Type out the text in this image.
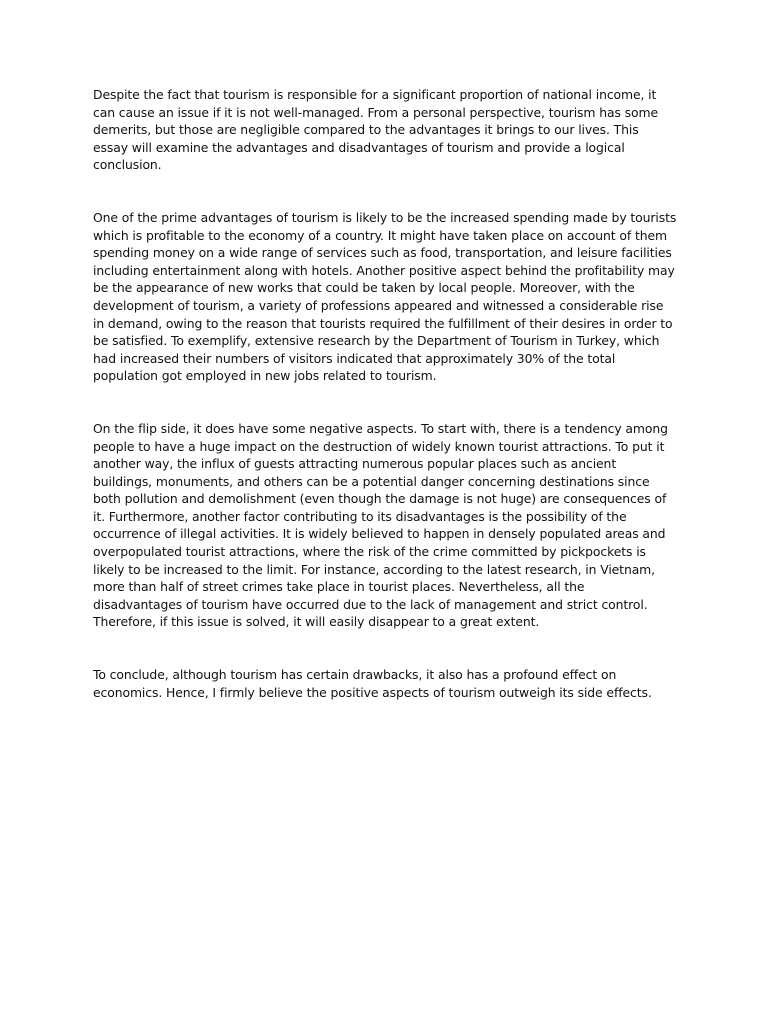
Despite the fact that tourism is responsible for a significant proportion of national income, it can cause an issue if it is not well-managed. From a personal perspective, tourism has some demerits, but those are negligible compared to the advantages it brings to our lives. This essay will examine the advantages and disadvantages of tourism and provide a logical conclusion.

One of the prime advantages of tourism is likely to be the increased spending made by tourists which is profitable to the economy of a country. It might have taken place on account of them spending money on a wide range of services such as food, transportation, and leisure facilities including entertainment along with hotels. Another positive aspect behind the profitability may be the appearance of new works that could be taken by local people. Moreover, with the development of tourism, a variety of professions appeared and witnessed a considerable rise in demand, owing to the reason that tourists required the fulfillment of their desires in order to be satisfied. To exemplify, extensive research by the Department of Tourism in Turkey, which had increased their numbers of visitors indicated that approximately 30% of the total population got employed in new jobs related to tourism.

On the flip side, it does have some negative aspects. To start with, there is a tendency among people to have a huge impact on the destruction of widely known tourist attractions. To put it another way, the influx of guests attracting numerous popular places such as ancient buildings, monuments, and others can be a potential danger concerning destinations since both pollution and demolishment (even though the damage is not huge) are consequences of it. Furthermore, another factor contributing to its disadvantages is the possibility of the occurrence of illegal activities. It is widely believed to happen in densely populated areas and overpopulated tourist attractions, where the risk of the crime committed by pickpockets is likely to be increased to the limit. For instance, according to the latest research, in Vietnam, more than half of street crimes take place in tourist places. Nevertheless, all the disadvantages of tourism have occurred due to the lack of management and strict control. Therefore, if this issue is solved, it will easily disappear to a great extent.

To conclude, although tourism has certain drawbacks, it also has a profound effect on economics. Hence, I firmly believe the positive aspects of tourism outweigh its side effects.
